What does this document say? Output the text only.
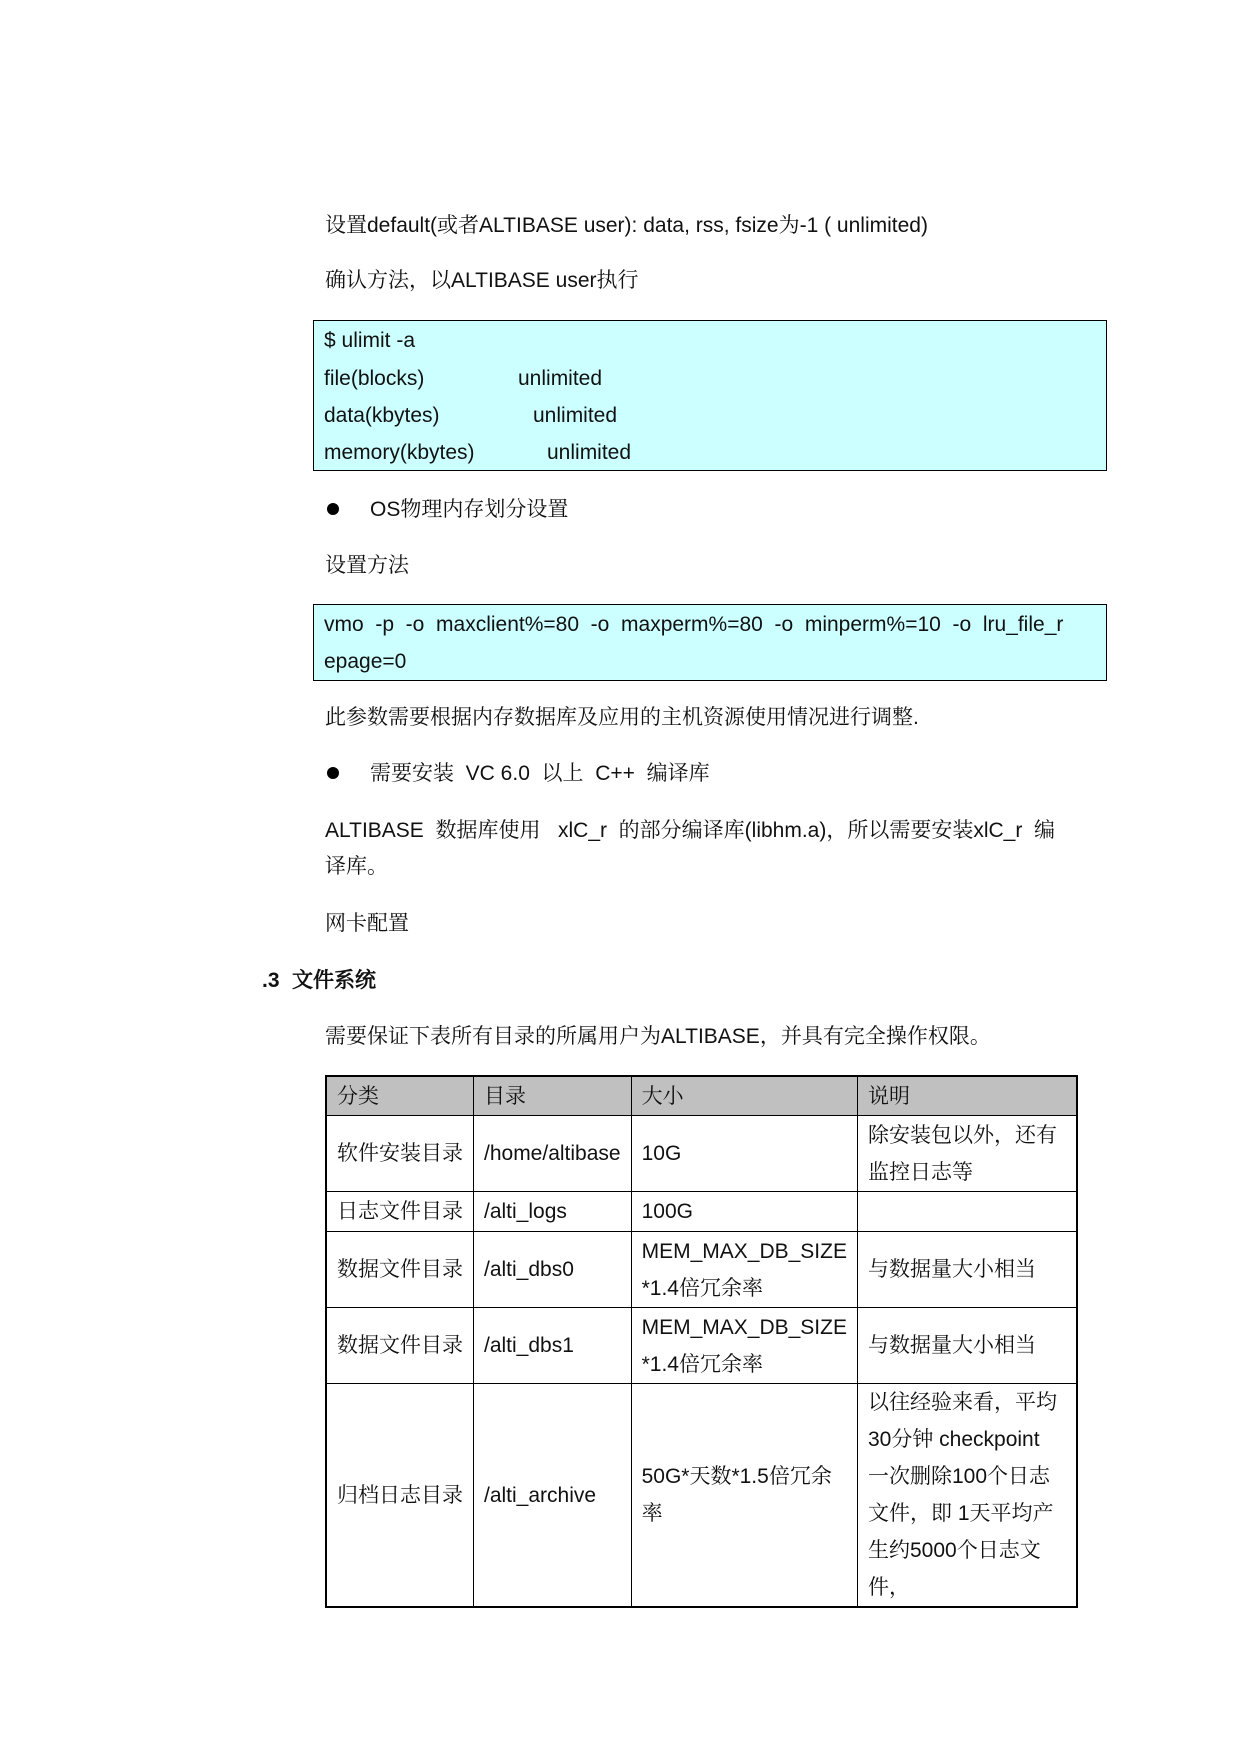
设置default(或者ALTIBASE user): data, rss, fsize为-1 ( unlimited)
确认方法，以ALTIBASE user执行
$ ulimit -a
file(blocks)	unlimited
data(kbytes)	unlimited
memory(kbytes)	unlimited
OS物理内存划分设置
设置方法
vmo  -p  -o  maxclient%=80  -o  maxperm%=80  -o  minperm%=10  -o  lru_file_r
epage=0
此参数需要根据内存数据库及应用的主机资源使用情况进行调整.
需要安装  VC 6.0  以上  C++  编译库
ALTIBASE  数据库使用   xlC_r  的部分编译库(libhm.a)，所以需要安装xlC_r  编
译库。
网卡配置
.3 文件系统
需要保证下表所有目录的所属用户为ALTIBASE，并具有完全操作权限。
分类	目录	大小	说明
软件安装目录	/home/altibase	10G	除安装包以外，还有监控日志等
日志文件目录	/alti_logs	100G	
数据文件目录	/alti_dbs0	MEM_MAX_DB_SIZE *1.4倍冗余率	与数据量大小相当
数据文件目录	/alti_dbs1	MEM_MAX_DB_SIZE *1.4倍冗余率	与数据量大小相当
归档日志目录	/alti_archive	50G*天数*1.5倍冗余率	以往经验来看，平均30分钟 checkpoint 一次删除100个日志文件，即 1天平均产生约5000个日志文件，
